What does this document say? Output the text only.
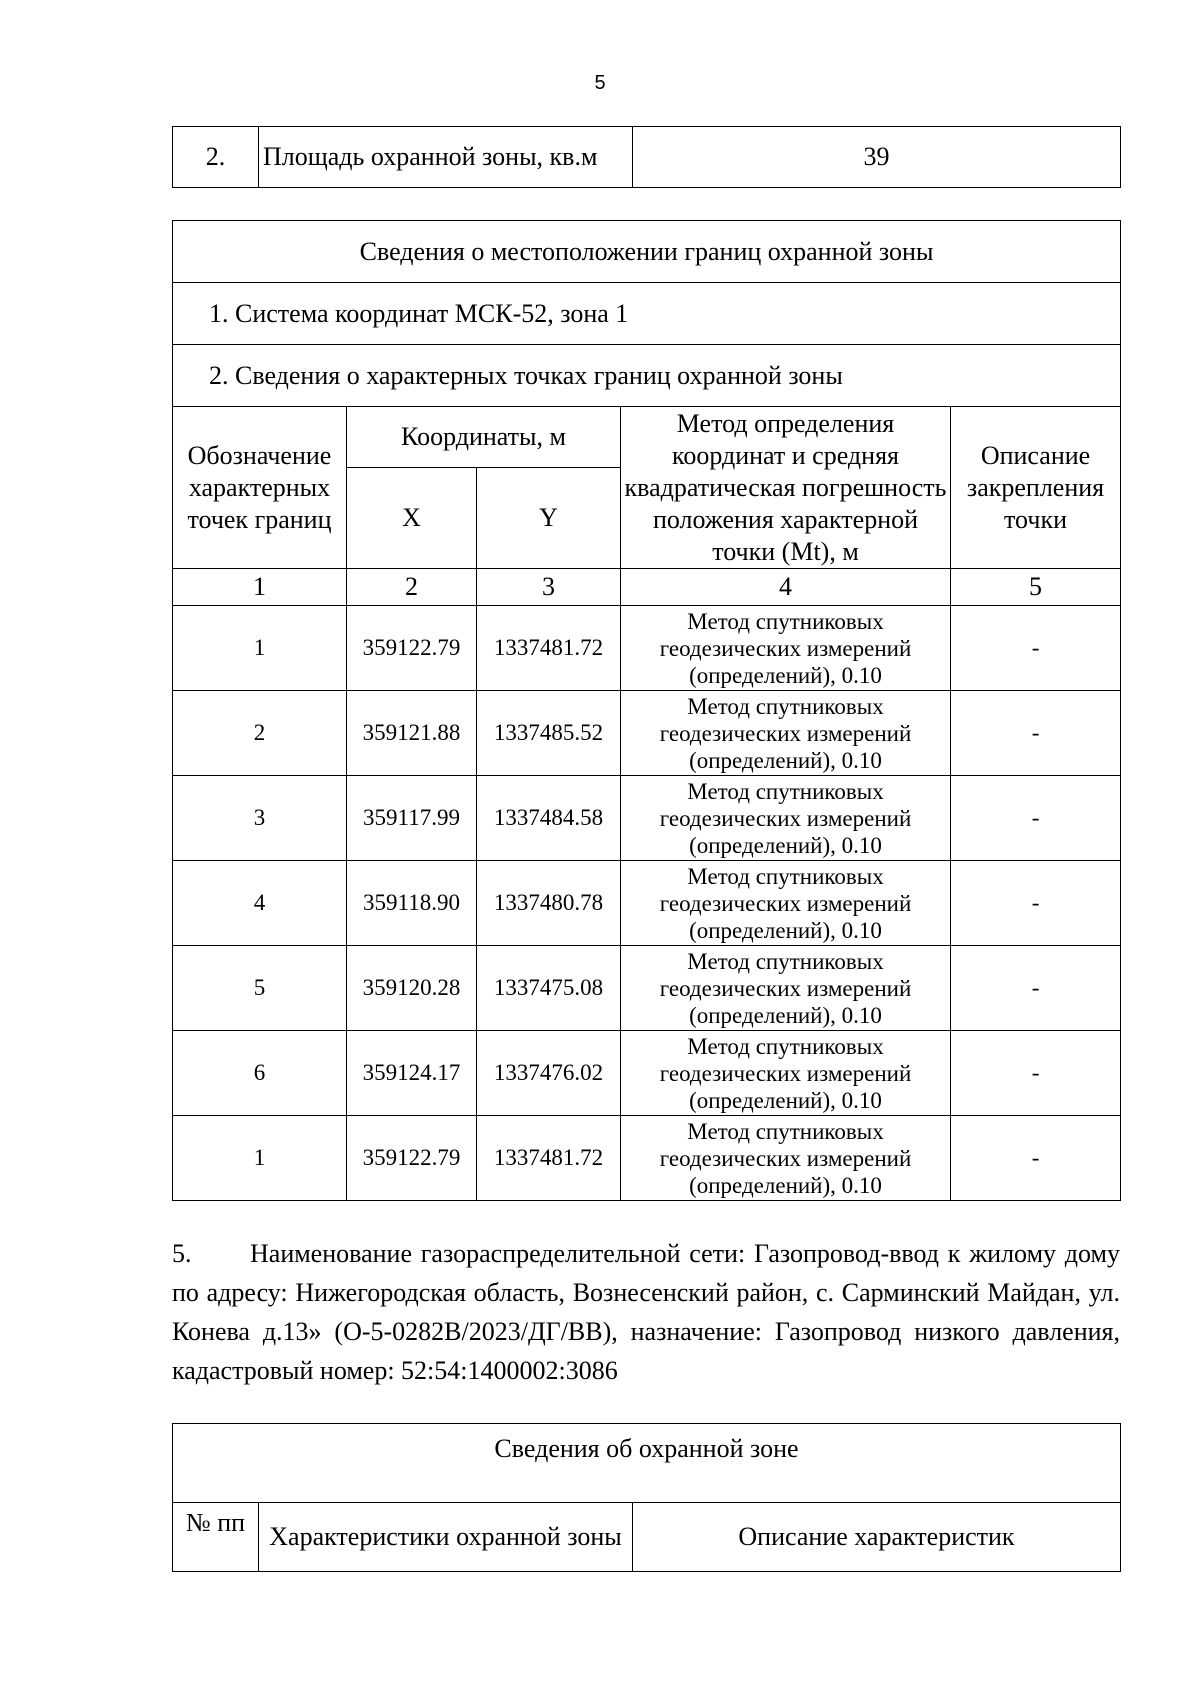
5
2.	Площадь охранной зоны, кв.м	39
Сведения о местоположении границ охранной зоны				
1. Система координат МСК-52, зона 1				
2. Сведения о характерных точках границ охранной зоны				
Обозначение характерных точек границ	Координаты, м		Метод определения координат и средняя квадратическая погрешность положения характерной точки (Mt), м	Описание закрепления точки
	X	Y		
1	2	3	4	5
1	359122.79	1337481.72	Метод спутниковых геодезических измерений (определений), 0.10	-
2	359121.88	1337485.52	Метод спутниковых геодезических измерений (определений), 0.10	-
3	359117.99	1337484.58	Метод спутниковых геодезических измерений (определений), 0.10	-
4	359118.90	1337480.78	Метод спутниковых геодезических измерений (определений), 0.10	-
5	359120.28	1337475.08	Метод спутниковых геодезических измерений (определений), 0.10	-
6	359124.17	1337476.02	Метод спутниковых геодезических измерений (определений), 0.10	-
1	359122.79	1337481.72	Метод спутниковых геодезических измерений (определений), 0.10	-

5. Наименование газораспределительной сети: Газопровод-ввод к жилому дому по адресу: Нижегородская область, Вознесенский район, с. Сарминский Майдан, ул. Конева д.13» (О-5-0282В/2023/ДГ/ВВ), назначение: Газопровод низкого давления, кадастровый номер: 52:54:1400002:3086

Сведения об охранной зоне
№ пп	Характеристики охранной зоны	Описание характеристик
